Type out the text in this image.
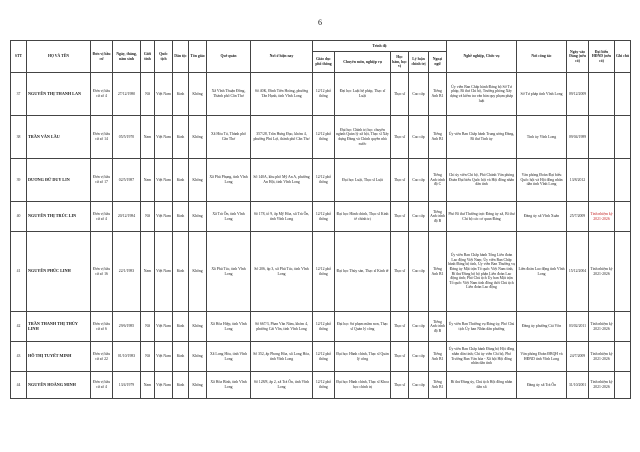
6
STT	HỌ VÀ TÊN	Đơn vị bầu cử	Ngày, tháng, năm sinh	Giới tính	Quốc tịch	Dân tộc	Tôn giáo	Quê quán	Nơi ở hiện nay	Trình độ					Nghề nghiệp, Chức vụ	Nơi công tác	Ngày vào Đảng (nếu có)	Đại biểu HĐND (nếu có)	Ghi chú
										Giáo dục phổ thông	Chuyên môn, nghiệp vụ	Học hàm, học vị	Lý luận chính trị	Ngoại ngữ					
37	NGUYỄN THỊ THANH LAN	Đơn vị bầu cử số 4	27/12/1980	Nữ	Việt Nam	Kinh	Không	Xã Vĩnh Thuận Đông, Thành phố Cần Thơ	Số 40K, Đinh Tiên Hoàng, phường Tân Hạnh, tỉnh Vĩnh Long	12/12 phổ thông	Đại học Luật hệ pháp, Thạc sĩ Luật	Thạc sĩ	Cao cấp	Tiếng Anh B1	Ủy viên Ban Chấp hành Đảng bộ Sở Tư pháp, Bí thư Chi bộ, Trưởng phòng Xây dựng và kiểm tra văn bản quy phạm pháp luật	Sở Tư pháp tỉnh Vĩnh Long	09/12/2009		
38	TRẦN VĂN LẦU	Đơn vị bầu cử số 14	05/5/1970	Nam	Việt Nam	Kinh	Không	Xã Hòa Tú, Thành phố Cần Thơ	357/28, Trần Hưng Đạo, khóm 4, phường Phú Lợi, thành phố Cần Thơ	12/12 phổ thông	Đại học Chính trị học chuyên ngành Quản lý xã hội, Thạc sĩ Xây dựng Đảng và Chính quyền nhà nước	Thạc sĩ	Cao cấp	Tiếng Anh B1	Ủy viên Ban Chấp hành Trung ương Đảng, Bí thư Tỉnh ủy	Tỉnh ủy Vĩnh Long	09/04/1989		
39	DƯƠNG ĐỨ DUY LIN	Đơn vị bầu cử số 17	02/5/1987	Nam	Việt Nam	Kinh	Không	Xã Phú Phụng, tỉnh Vĩnh Long	Số 140A, khu phố Mỹ An A, phường An Hội, tỉnh Vĩnh Long	12/12 phổ thông	Đại học Luật, Thạc sĩ Luật	Thạc sĩ	Cao cấp	Tiếng Anh trình độ C	Chỉ ủy viên Chi bộ, Phó Chánh Văn phòng Đoàn Đại biểu Quốc hội và Hội đồng nhân dân tỉnh	Văn phòng Đoàn Đại biểu Quốc hội và Hội đồng nhân dân tỉnh Vĩnh Long	13/8/2012		
40	NGUYỄN THỊ TRÚC LIN	Đơn vị bầu cử số 4	20/12/1984	Nữ	Việt Nam	Kinh	Không	Xã Trà Ôn, tỉnh Vĩnh Long	Số 178, tổ 9, ấp Mỹ Hòa, xã Trà Ôn, tỉnh Vĩnh Long	12/12 phổ thông	Đại học Hành chính, Thạc sĩ Kinh tế chính trị	Thạc sĩ	Cao cấp	Tiếng Anh trình độ B	Phó Bí thư Thường trực Đảng ủy xã, Bí thư Chi bộ các cơ quan Đảng	Đảng ủy xã Vĩnh Xuân	25/7/2009	Tỉnh nhiệm kỳ 2021-2026	
41	NGUYỄN PHÚC LINH	Đơn vị bầu cử số 16	22/1/1983	Nam	Việt Nam	Kinh	Không	Xã Phú Túc, tỉnh Vĩnh Long	Số 206, ấp 3, xã Phú Túc, tỉnh Vĩnh Long	12/12 phổ thông	Đại học Thủy sản, Thạc sĩ Kinh tế	Thạc sĩ	Cao cấp	Tiếng Anh B1	Ủy viên Ban Chấp hành Tổng Liên đoàn Lao động Việt Nam; Ủy viên Ban Chấp hành Đảng bộ tỉnh, Ủy viên Ban Thường vụ Đảng ủy Mặt trận Tổ quốc Việt Nam tỉnh, Bí thư Đảng bộ bộ phận Liên đoàn Lao động tỉnh; Phó Chủ tịch Ủy ban Mặt trận Tổ quốc Việt Nam tỉnh đồng thời Chủ tịch Liên đoàn Lao động	Liên đoàn Lao động tỉnh Vĩnh Long	15/12/2004	Tỉnh nhiệm kỳ 2021-2026	
42	TRẦN THANH THỊ THỦY LINH	Đơn vị bầu cử số 6	29/6/1985	Nữ	Việt Nam	Kinh	Không	Xã Hòa Hiệp, tỉnh Vĩnh Long	Số 667/3, Phan Văn Năm, khóm 4, phường Cái Vồn, tỉnh Vĩnh Long	12/12 phổ thông	Đại học Sư phạm mầm non, Thạc sĩ Quản lý công	Thạc sĩ	Cao cấp	Tiếng Anh trình độ B	Ủy viên Ban Thường vụ Đảng ủy, Phó Chủ tịch Ủy ban Nhân dân phường	Đảng ủy phường Cái Vồn	03/02/2011	Tỉnh nhiệm kỳ 2021-2026	
43	HỒ THỊ TUYẾT MINH	Đơn vị bầu cử số 22	01/10/1983	Nữ	Việt Nam	Kinh	Không	Xã Long Hòa, tỉnh Vĩnh Long	Số 352, ấp Phong Hòa, xã Long Hòa, tỉnh Vĩnh Long	12/12 phổ thông	Đại học Hành chính, Thạc sĩ Quản lý công	Thạc sĩ	Cao cấp	Tiếng Anh B1	Ủy viên Ban Chấp hành Đảng bộ Hội đồng nhân dân tỉnh; Chi ủy viên Chi bộ, Phó Trưởng Ban Văn hóa - Xã hội Hội đồng nhân dân tỉnh	Văn phòng Đoàn ĐBQH và HĐND tỉnh Vĩnh Long	24/7/2009	Tỉnh nhiệm kỳ 2021-2026	
44	NGUYỄN HOÀNG MINH	Đơn vị bầu cử số 4	13/4/1979	Nam	Việt Nam	Kinh	Không	Xã Hòa Bình, tỉnh Vĩnh Long	Số 128/8, ấp 2, xã Trà Ôn, tỉnh Vĩnh Long	12/12 phổ thông	Đại học Hành chính, Thạc sĩ Khoa học chính trị	Thạc sĩ	Cao cấp	Tiếng Anh B1	Bí thư Đảng ủy, Chủ tịch Hội đồng nhân dân xã	Đảng ủy xã Trà Ôn	31/10/2001	Tỉnh nhiệm kỳ 2021-2026	
